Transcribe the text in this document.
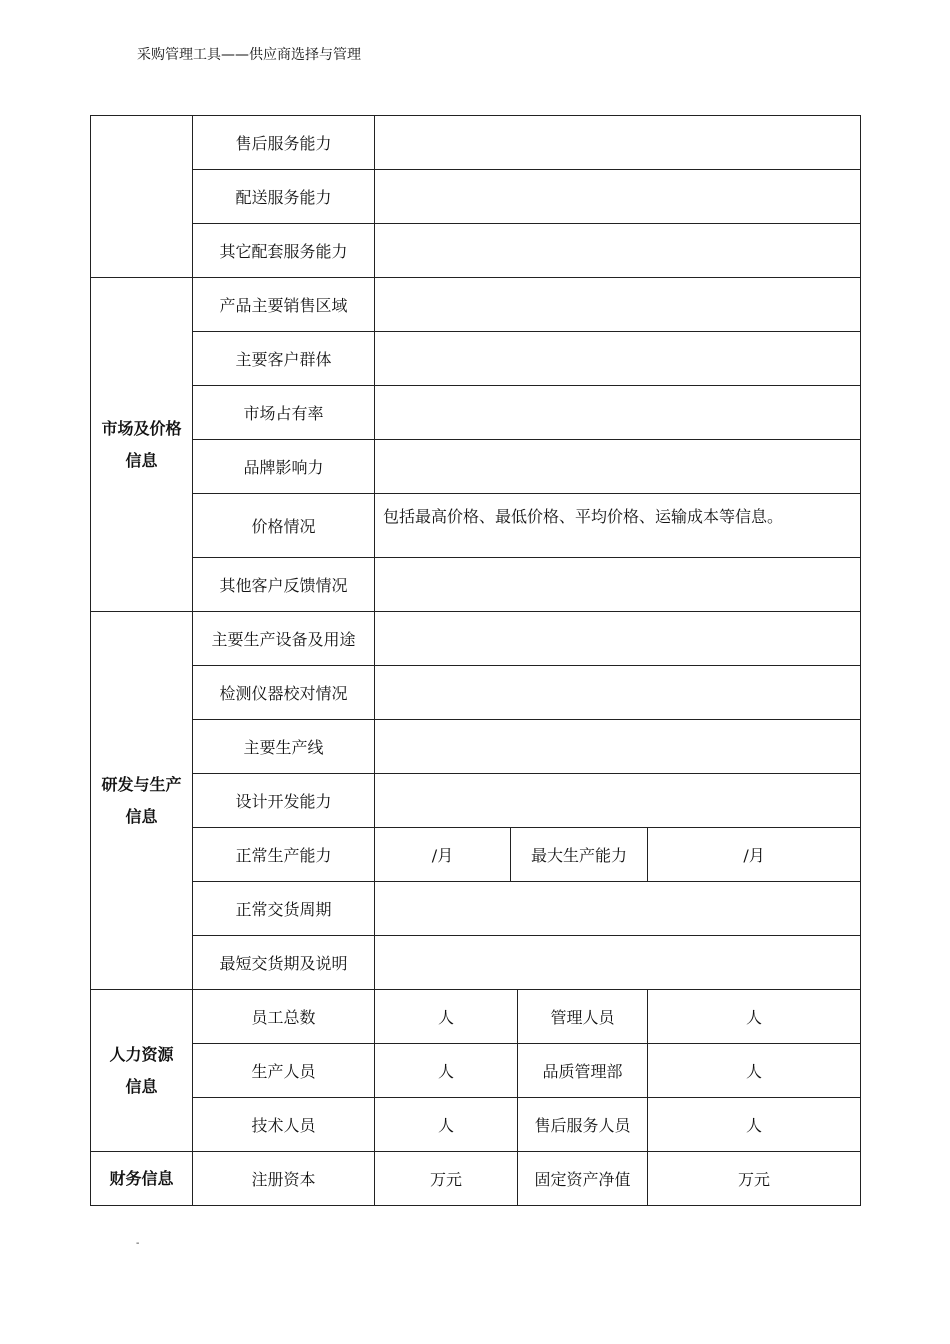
采购管理工具——供应商选择与管理
	售后服务能力				
	配送服务能力				
	其它配套服务能力				
市场及价格
信息	产品主要销售区域				
	主要客户群体				
	市场占有率				
	品牌影响力				
	价格情况	包括最高价格、最低价格、平均价格、运输成本等信息。			
	其他客户反馈情况				
研发与生产
信息	主要生产设备及用途				
	检测仪器校对情况				
	主要生产线				
	设计开发能力				
	正常生产能力	/月	最大生产能力		/月
	正常交货周期				
	最短交货期及说明				
人力资源
信息	员工总数	人		管理人员	人
	生产人员	人		品质管理部	人
	技术人员	人		售后服务人员	人
财务信息	注册资本	万元		固定资产净值	万元
-
